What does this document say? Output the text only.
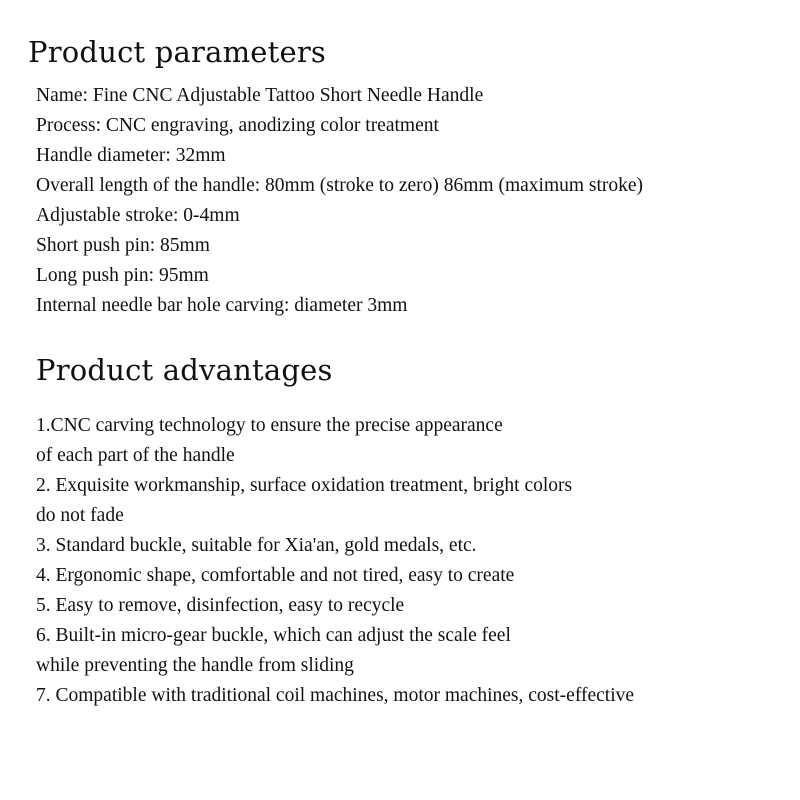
Product parameters
Name: Fine CNC Adjustable Tattoo Short Needle Handle
Process: CNC engraving, anodizing color treatment
Handle diameter: 32mm
Overall length of the handle: 80mm (stroke to zero) 86mm (maximum stroke)
Adjustable stroke: 0-4mm
Short push pin: 85mm
Long push pin: 95mm
Internal needle bar hole carving: diameter 3mm
Product advantages
1.CNC carving technology to ensure the precise appearance
of each part of the handle
2. Exquisite workmanship, surface oxidation treatment, bright colors
do not fade
3. Standard buckle, suitable for Xia'an, gold medals, etc.
4. Ergonomic shape, comfortable and not tired, easy to create
5. Easy to remove, disinfection, easy to recycle
6. Built-in micro-gear buckle, which can adjust the scale feel
while preventing the handle from sliding
7. Compatible with traditional coil machines, motor machines, cost-effective
